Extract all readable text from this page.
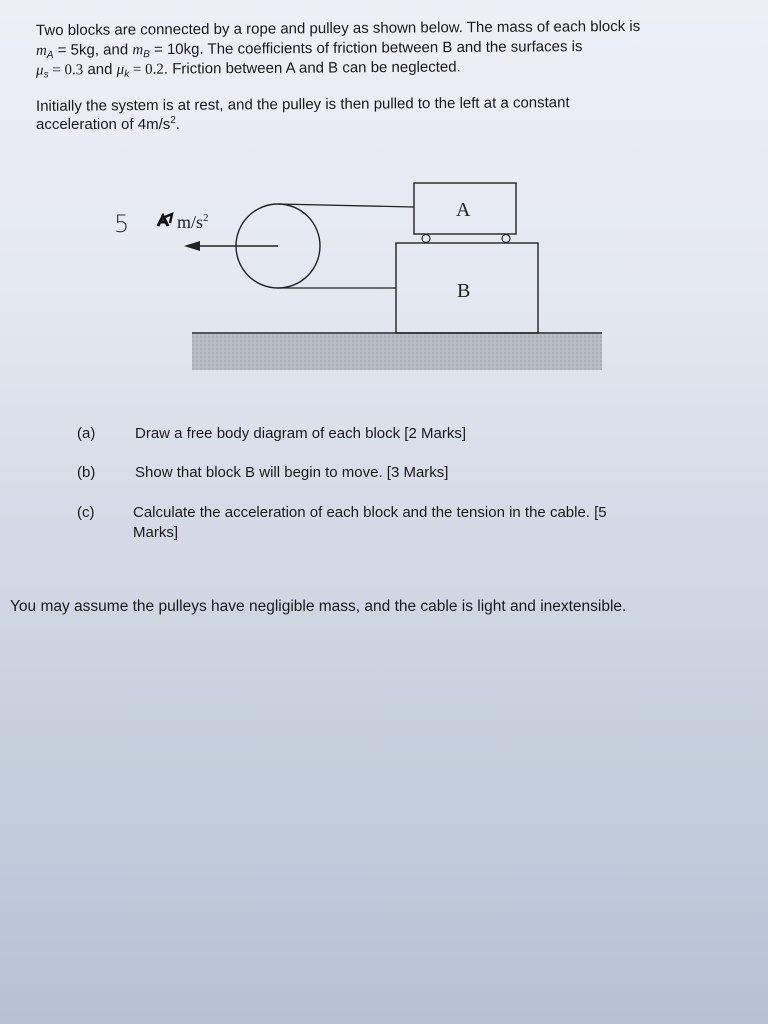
Two blocks are connected by a rope and pulley as shown below. The mass of each block is
$m_A = 5kg$, and $m_B = 10kg$. The coefficients of friction between B and the surfaces is
$\mu_s = 0.3$ and $\mu_k = 0.2$. Friction between A and B can be neglected.
Initially the system is at rest, and the pulley is then pulled to the left at a constant
acceleration of $4m/s^2$.
B
A
5	$m/s^2$
(a)	Draw a free body diagram of each block [2 Marks]
(b)	Show that block B will begin to move. [3 Marks]
(c)	Calculate the acceleration of each block and the tension in the cable. [5
Marks]
You may assume the pulleys have negligible mass, and the cable is light and inextensible.
